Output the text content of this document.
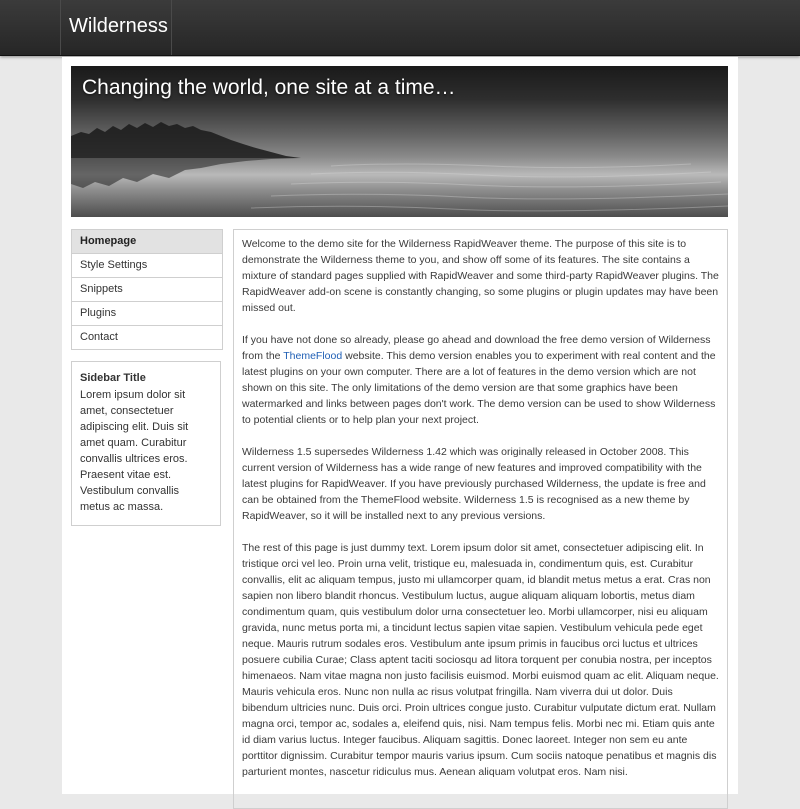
Wilderness
Changing the world, one site at a time…
Homepage
Style Settings
Snippets
Plugins
Contact
Sidebar Title
Lorem ipsum dolor sit amet, consectetuer adipiscing elit. Duis sit amet quam. Curabitur convallis ultrices eros. Praesent vitae est. Vestibulum convallis metus ac massa.

Welcome to the demo site for the Wilderness RapidWeaver theme. The purpose of this site is to demonstrate the Wilderness theme to you, and show off some of its features. The site contains a mixture of standard pages supplied with RapidWeaver and some third-party RapidWeaver plugins. The RapidWeaver add-on scene is constantly changing, so some plugins or plugin updates may have been missed out.

If you have not done so already, please go ahead and download the free demo version of Wilderness from the ThemeFlood website. This demo version enables you to experiment with real content and the latest plugins on your own computer. There are a lot of features in the demo version which are not shown on this site. The only limitations of the demo version are that some graphics have been watermarked and links between pages don't work. The demo version can be used to show Wilderness to potential clients or to help plan your next project.

Wilderness 1.5 supersedes Wilderness 1.42 which was originally released in October 2008. This current version of Wilderness has a wide range of new features and improved compatibility with the latest plugins for RapidWeaver. If you have previously purchased Wilderness, the update is free and can be obtained from the ThemeFlood website. Wilderness 1.5 is recognised as a new theme by RapidWeaver, so it will be installed next to any previous versions.

The rest of this page is just dummy text. Lorem ipsum dolor sit amet, consectetuer adipiscing elit. In tristique orci vel leo. Proin urna velit, tristique eu, malesuada in, condimentum quis, est. Curabitur convallis, elit ac aliquam tempus, justo mi ullamcorper quam, id blandit metus metus a erat. Cras non sapien non libero blandit rhoncus. Vestibulum luctus, augue aliquam aliquam lobortis, metus diam condimentum quam, quis vestibulum dolor urna consectetuer leo. Morbi ullamcorper, nisi eu aliquam gravida, nunc metus porta mi, a tincidunt lectus sapien vitae sapien. Vestibulum vehicula pede eget neque. Mauris rutrum sodales eros. Vestibulum ante ipsum primis in faucibus orci luctus et ultrices posuere cubilia Curae; Class aptent taciti sociosqu ad litora torquent per conubia nostra, per inceptos himenaeos. Nam vitae magna non justo facilisis euismod. Morbi euismod quam ac elit. Aliquam neque. Mauris vehicula eros. Nunc non nulla ac risus volutpat fringilla. Nam viverra dui ut dolor. Duis bibendum ultricies nunc. Duis orci. Proin ultrices congue justo. Curabitur vulputate dictum erat. Nullam magna orci, tempor ac, sodales a, eleifend quis, nisi. Nam tempus felis. Morbi nec mi. Etiam quis ante id diam varius luctus. Integer faucibus. Aliquam sagittis. Donec laoreet. Integer non sem eu ante porttitor dignissim. Curabitur tempor mauris varius ipsum. Cum sociis natoque penatibus et magnis dis parturient montes, nascetur ridiculus mus. Aenean aliquam volutpat eros. Nam nisi.
